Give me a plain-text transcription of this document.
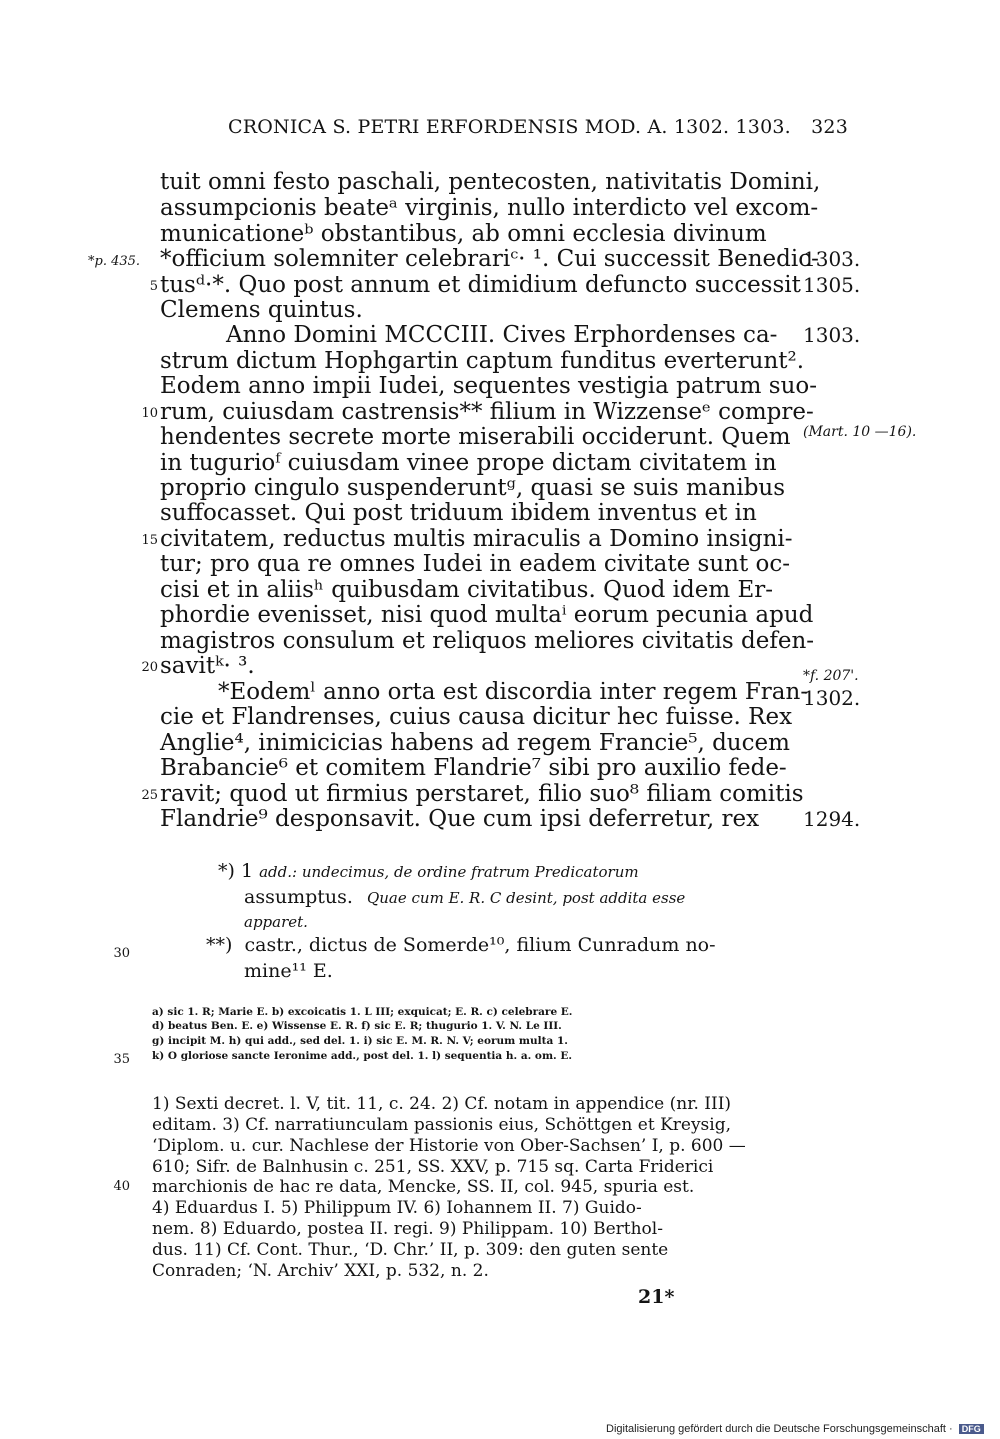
CRONICA S. PETRI ERFORDENSIS MOD. A. 1302. 1303. 323
tuit omni festo paschali, pentecosten, nativitatis Domini,
assumpcionis beateᵃ virginis, nullo interdicto vel excom-
municationeᵇ obstantibus, ab omni ecclesia divinum
*officium solemniter celebrariᶜ· ¹. Cui successit Benedic-
tusᵈ·*. Quo post annum et dimidium defuncto successit
Clemens quintus.
Anno Domini MCCCIII. Cives Erphordenses ca-
strum dictum Hophgartin captum funditus everterunt².
Eodem anno impii Iudei, sequentes vestigia patrum suo-
rum, cuiusdam castrensis** filium in Wizzenseᵉ compre-
hendentes secrete morte miserabili occiderunt. Quem
in tugurioᶠ cuiusdam vinee prope dictam civitatem in
proprio cingulo suspenderuntᵍ, quasi se suis manibus
suffocasset. Qui post triduum ibidem inventus et in
civitatem, reductus multis miraculis a Domino insigni-
tur; pro qua re omnes Iudei in eadem civitate sunt oc-
cisi et in aliisʰ quibusdam civitatibus. Quod idem Er-
phordie evenisset, nisi quod multaⁱ eorum pecunia apud
magistros consulum et reliquos meliores civitatis defen-
savitᵏ· ³.
*Eodemˡ anno orta est discordia inter regem Fran-
cie et Flandrenses, cuius causa dicitur hec fuisse. Rex
Anglie⁴, inimicicias habens ad regem Francie⁵, ducem
Brabancie⁶ et comitem Flandrie⁷ sibi pro auxilio fede-
ravit; quod ut firmius perstaret, filio suo⁸ filiam comitis
Flandrie⁹ desponsavit. Que cum ipsi deferretur, rex
5
10
15
20
25
30
35
40
*p. 435.	1303.
1305.
1303.
(Mart. 10 —16).
*f. 207'.
1302.
1294.
*) 1 add.: undecimus, de ordine fratrum Predicatorum
assumptus. Quae cum E. R. C desint, post addita esse
apparet.
**) castr., dictus de Somerde¹⁰, filium Cunradum no-
mine¹¹ E.
a) sic 1. R; Marie E. b) excoicatis 1. L III; exquicat; E. R. c) celebrare E.
d) beatus Ben. E. e) Wissense E. R. f) sic E. R; thugurio 1. V. N. Le III.
g) incipit M. h) qui add., sed del. 1. i) sic E. M. R. N. V; eorum multa 1.
k) O gloriose sancte Ieronime add., post del. 1. l) sequentia h. a. om. E.
1) Sexti decret. l. V, tit. 11, c. 24. 2) Cf. notam in appendice (nr. III)
editam. 3) Cf. narratiunculam passionis eius, Schöttgen et Kreysig,
‘Diplom. u. cur. Nachlese der Historie von Ober-Sachsen’ I, p. 600 —
610; Sifr. de Balnhusin c. 251, SS. XXV, p. 715 sq. Carta Friderici
marchionis de hac re data, Mencke, SS. II, col. 945, spuria est.
4) Eduardus I. 5) Philippum IV. 6) Iohannem II. 7) Guido-
nem. 8) Eduardo, postea II. regi. 9) Philippam. 10) Berthol-
dus. 11) Cf. Cont. Thur., ‘D. Chr.’ II, p. 309: den guten sente
Conraden; ‘N. Archiv’ XXI, p. 532, n. 2.
21*
Digitalisierung gefördert durch die Deutsche Forschungsgemeinschaft · DFG
